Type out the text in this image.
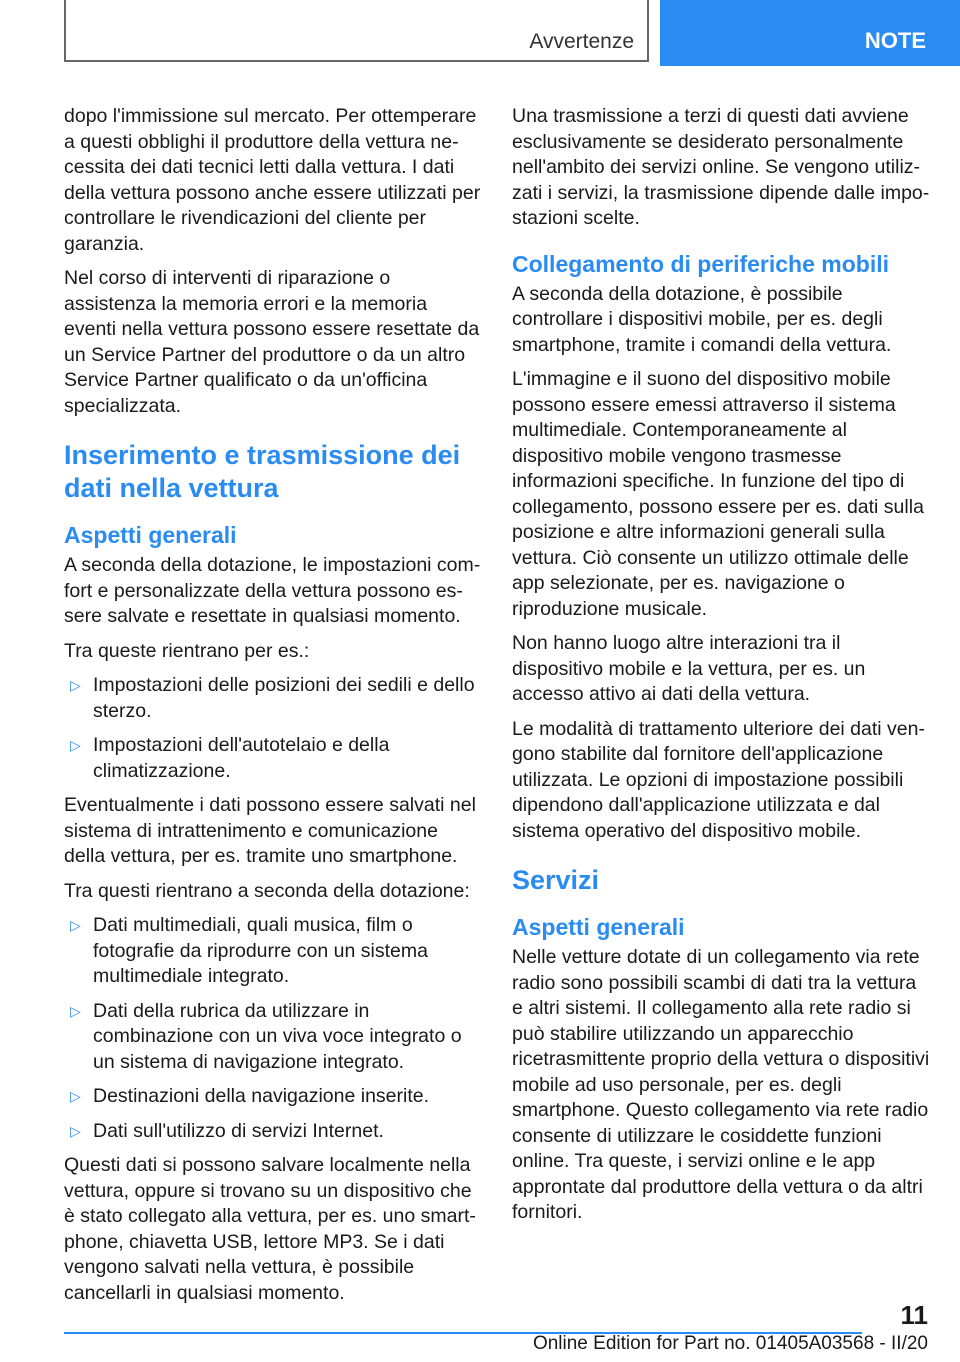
Avvertenze	NOTE

dopo l'immissione sul mercato. Per ottemperare a questi obblighi il produttore della vettura necessita dei dati tecnici letti dalla vettura. I dati della vettura possono anche essere utilizzati per controllare le rivendicazioni del cliente per garanzia.

Nel corso di interventi di riparazione o assistenza la memoria errori e la memoria eventi nella vettura possono essere resettate da un Service Partner del produttore o da un altro Service Partner qualificato o da un'officina specializzata.

Inserimento e trasmissione dei dati nella vettura
Aspetti generali

A seconda della dotazione, le impostazioni comfort e personalizzate della vettura possono essere salvate e resettate in qualsiasi momento.

Tra queste rientrano per es.:

▷ Impostazioni delle posizioni dei sedili e dello sterzo.
▷ Impostazioni dell'autotelaio e della climatizzazione.

Eventualmente i dati possono essere salvati nel sistema di intrattenimento e comunicazione della vettura, per es. tramite uno smartphone.

Tra questi rientrano a seconda della dotazione:

▷ Dati multimediali, quali musica, film o fotografie da riprodurre con un sistema multimediale integrato.
▷ Dati della rubrica da utilizzare in combinazione con un viva voce integrato o un sistema di navigazione integrato.
▷ Destinazioni della navigazione inserite.
▷ Dati sull'utilizzo di servizi Internet.

Questi dati si possono salvare localmente nella vettura, oppure si trovano su un dispositivo che è stato collegato alla vettura, per es. uno smartphone, chiavetta USB, lettore MP3. Se i dati vengono salvati nella vettura, è possibile cancellarli in qualsiasi momento.

Una trasmissione a terzi di questi dati avviene esclusivamente se desiderato personalmente nell'ambito dei servizi online. Se vengono utilizzati i servizi, la trasmissione dipende dalle impostazioni scelte.

Collegamento di periferiche mobili

A seconda della dotazione, è possibile controllare i dispositivi mobile, per es. degli smartphone, tramite i comandi della vettura.

L'immagine e il suono del dispositivo mobile possono essere emessi attraverso il sistema multimediale. Contemporaneamente al dispositivo mobile vengono trasmesse informazioni specifiche. In funzione del tipo di collegamento, possono essere per es. dati sulla posizione e altre informazioni generali sulla vettura. Ciò consente un utilizzo ottimale delle app selezionate, per es. navigazione o riproduzione musicale.

Non hanno luogo altre interazioni tra il dispositivo mobile e la vettura, per es. un accesso attivo ai dati della vettura.

Le modalità di trattamento ulteriore dei dati vengono stabilite dal fornitore dell'applicazione utilizzata. Le opzioni di impostazione possibili dipendono dall'applicazione utilizzata e dal sistema operativo del dispositivo mobile.

Servizi
Aspetti generali

Nelle vetture dotate di un collegamento via rete radio sono possibili scambi di dati tra la vettura e altri sistemi. Il collegamento alla rete radio si può stabilire utilizzando un apparecchio ricetrasmittente proprio della vettura o dispositivi mobile ad uso personale, per es. degli smartphone. Questo collegamento via rete radio consente di utilizzare le cosiddette funzioni online. Tra queste, i servizi online e le app approntate dal produttore della vettura o da altri fornitori.

11
Online Edition for Part no. 01405A03568 - II/20
